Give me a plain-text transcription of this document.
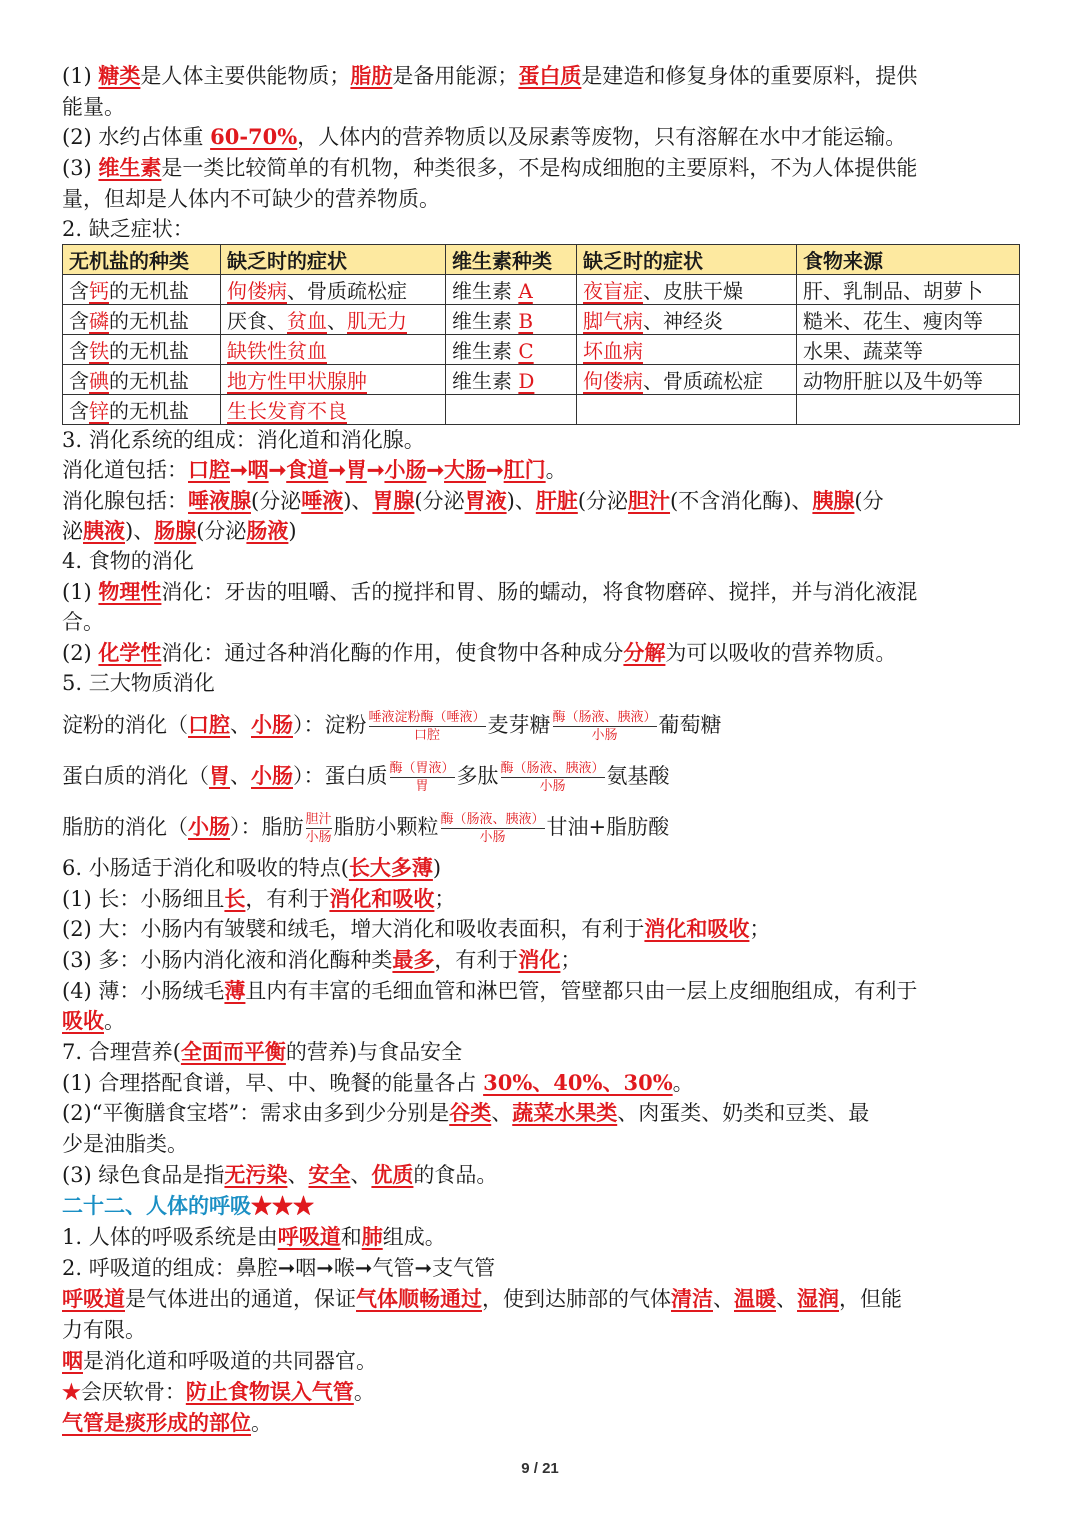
(1) 糖类是人体主要供能物质；脂肪是备用能源；蛋白质是建造和修复身体的重要原料，提供
能量。
(2) 水约占体重 60-70%，人体内的营养物质以及尿素等废物，只有溶解在水中才能运输。
(3) 维生素是一类比较简单的有机物，种类很多，不是构成细胞的主要原料，不为人体提供能
量，但却是人体内不可缺少的营养物质。
2. 缺乏症状：
无机盐的种类	缺乏时的症状	维生素种类	缺乏时的症状	食物来源
含钙的无机盐	佝偻病、骨质疏松症	维生素 A	夜盲症、皮肤干燥	肝、乳制品、胡萝卜
含磷的无机盐	厌食、贫血、肌无力	维生素 B	脚气病、神经炎	糙米、花生、瘦肉等
含铁的无机盐	缺铁性贫血	维生素 C	坏血病	水果、蔬菜等
含碘的无机盐	地方性甲状腺肿	维生素 D	佝偻病、骨质疏松症	动物肝脏以及牛奶等
含锌的无机盐	生长发育不良			
3. 消化系统的组成：消化道和消化腺。
消化道包括：口腔➞咽➞食道➞胃➞小肠➞大肠➞肛门。
消化腺包括：唾液腺(分泌唾液)、胃腺(分泌胃液)、肝脏(分泌胆汁(不含消化酶)、胰腺(分
泌胰液)、肠腺(分泌肠液)
4. 食物的消化
(1) 物理性消化：牙齿的咀嚼、舌的搅拌和胃、肠的蠕动，将食物磨碎、搅拌，并与消化液混
合。
(2) 化学性消化：通过各种消化酶的作用，使食物中各种成分分解为可以吸收的营养物质。
5. 三大物质消化
淀粉的消化（口腔、小肠）：淀粉 唾液淀粉酶（唾液）
口腔	麦芽糖 酶（肠液、胰液）
小肠	葡萄糖
蛋白质的消化（胃、小肠）：蛋白质 酶（胃液）
胃	多肽 酶（肠液、胰液）
小肠	氨基酸
脂肪的消化（小肠）：脂肪 胆汁
小肠 脂肪小颗粒 酶（肠液、胰液）
小肠	甘油+脂肪酸
6. 小肠适于消化和吸收的特点(长大多薄)
(1) 长：小肠细且长，有利于消化和吸收；
(2) 大：小肠内有皱襞和绒毛，增大消化和吸收表面积，有利于消化和吸收；
(3) 多：小肠内消化液和消化酶种类最多，有利于消化；
(4) 薄：小肠绒毛薄且内有丰富的毛细血管和淋巴管，管壁都只由一层上皮细胞组成，有利于
吸收。
7. 合理营养(全面而平衡的营养)与食品安全
(1) 合理搭配食谱，早、中、晚餐的能量各占 30%、40%、30%。
(2)“平衡膳食宝塔”：需求由多到少分别是谷类、蔬菜水果类、肉蛋类、奶类和豆类、最
少是油脂类。
(3) 绿色食品是指无污染、安全、优质的食品。
二十二、人体的呼吸★★★
1. 人体的呼吸系统是由呼吸道和肺组成。
2. 呼吸道的组成：鼻腔➞咽➞喉➞气管➞支气管
呼吸道是气体进出的通道，保证气体顺畅通过，使到达肺部的气体清洁、温暖、湿润，但能
力有限。
咽是消化道和呼吸道的共同器官。
★会厌软骨：防止食物误入气管。
气管是痰形成的部位。
9 / 21
